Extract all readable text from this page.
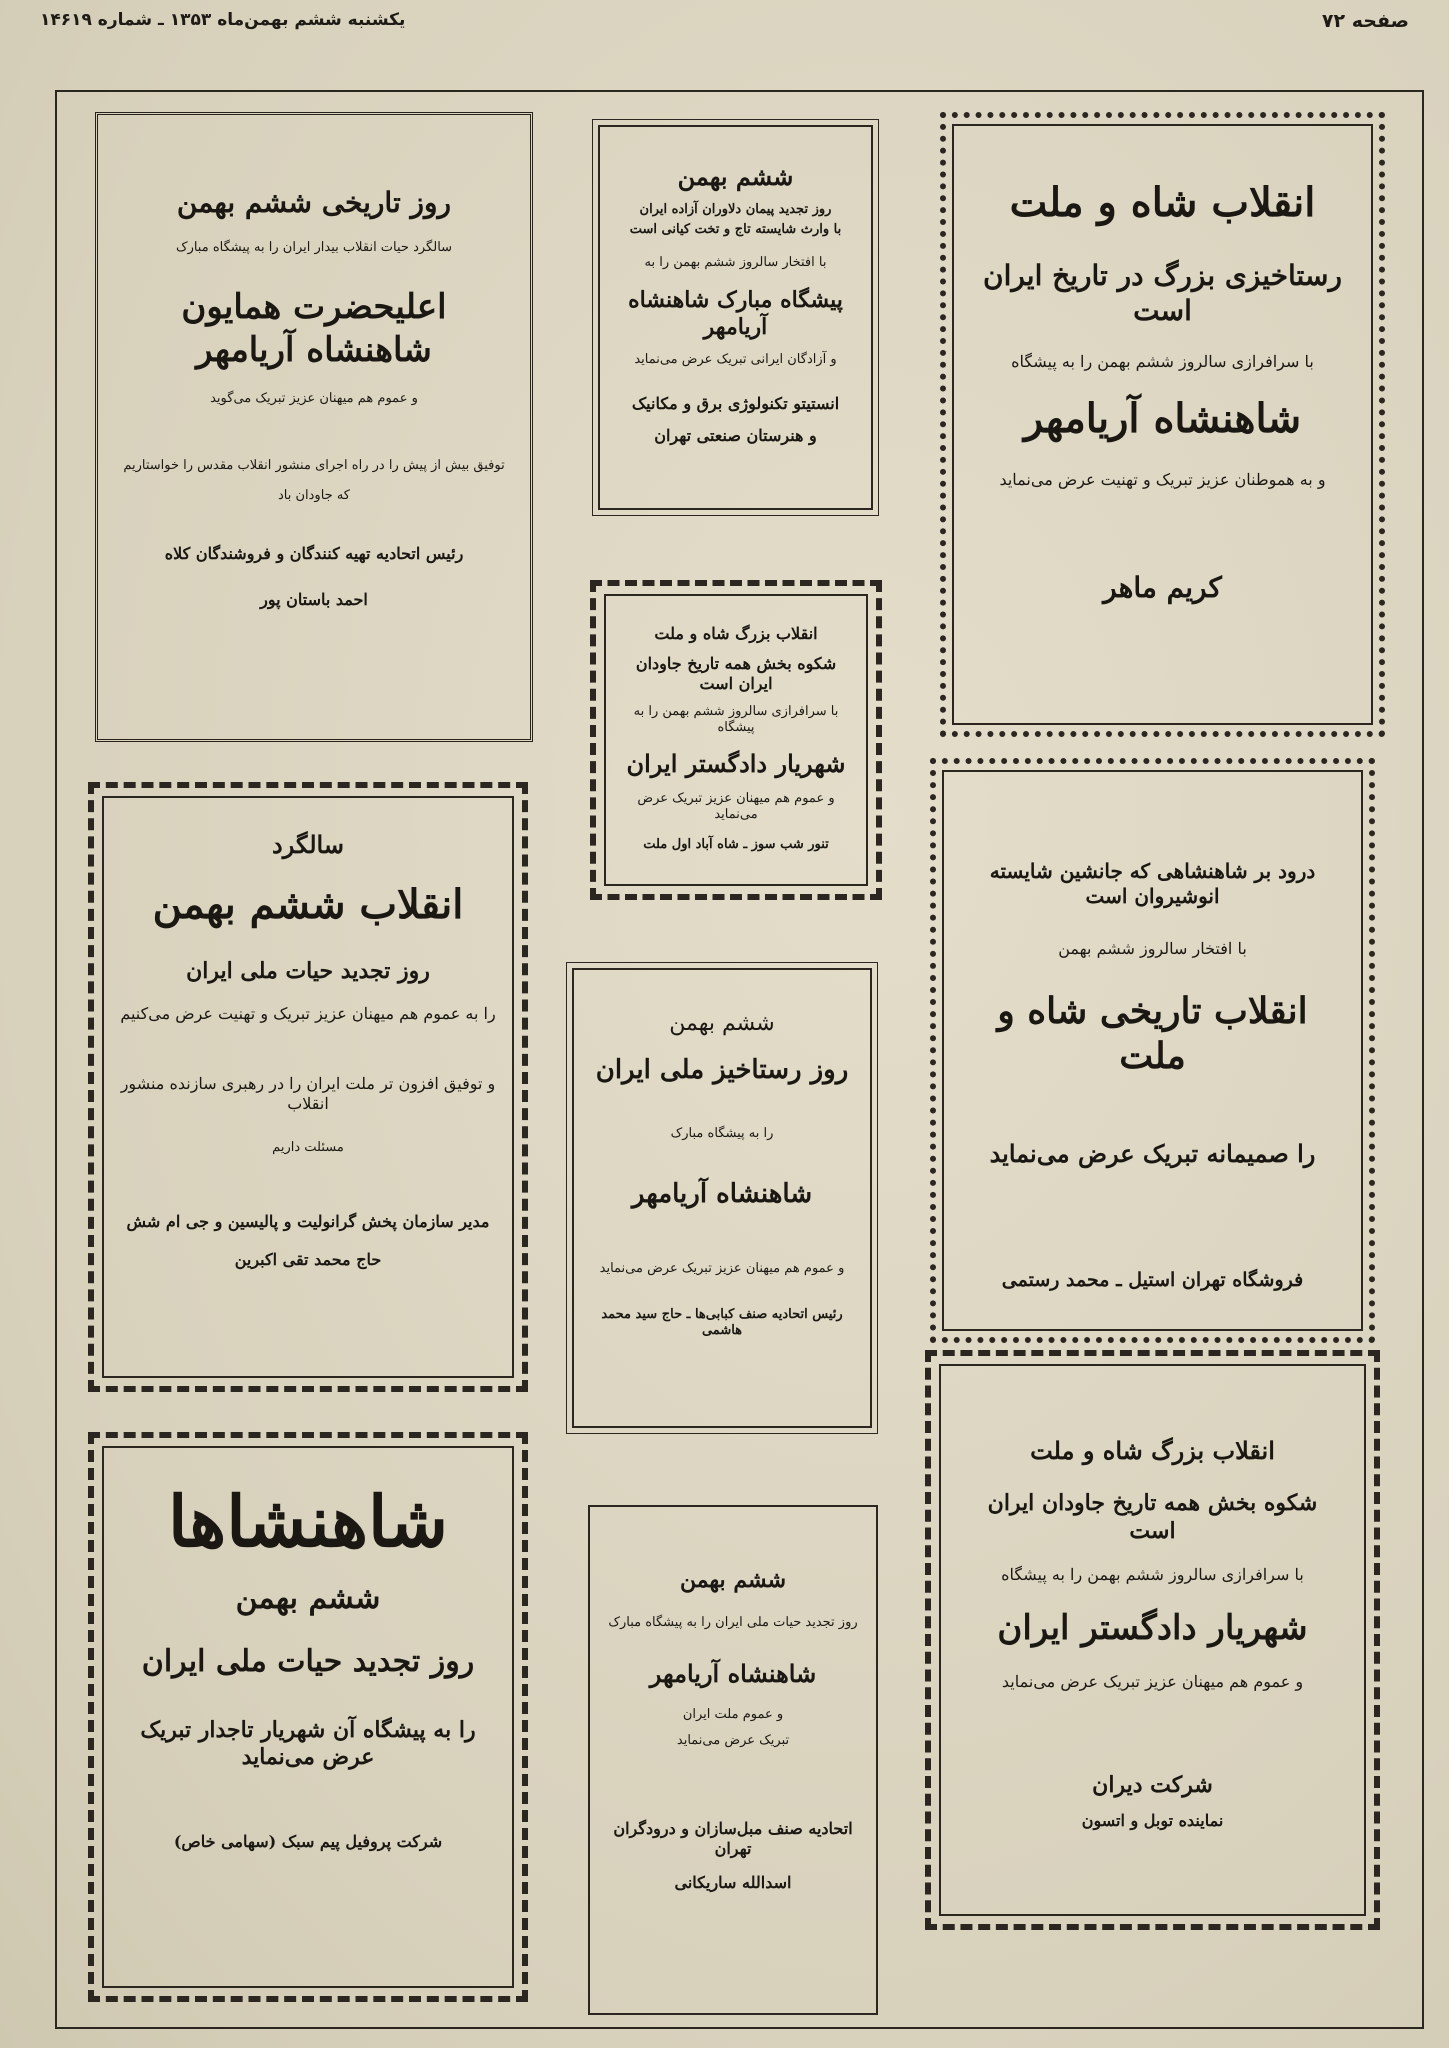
صفحه ۷۲
یکشنبه ششم بهمن‌ماه ۱۳۵۳ ـ شماره ۱۴۶۱۹
انقلاب شاه و ملت
رستاخیزی بزرگ در تاریخ ایران است
با سرافرازی سالروز ششم بهمن را به پیشگاه
شاهنشاه آریامهر
و به هموطنان عزیز تبریک و تهنیت عرض می‌نماید
کریم ماهر
ششم بهمن
روز تجدید پیمان دلاوران آزاده ایران
با وارث شایسته تاج و تخت کیانی است
با افتخار سالروز ششم بهمن را به
پیشگاه مبارک شاهنشاه آریامهر
و آزادگان ایرانی تبریک عرض می‌نماید
انستیتو تکنولوژی برق و مکانیک
و هنرستان صنعتی تهران
روز تاریخی ششم بهمن
سالگرد حیات انقلاب بیدار ایران را به پیشگاه مبارک
اعلیحضرت همایون شاهنشاه آریامهر
و عموم هم میهنان عزیز تبریک می‌گوید
توفیق بیش از پیش را در راه اجرای منشور انقلاب مقدس را خواستاریم
که جاودان باد
رئیس اتحادیه تهیه کنندگان و فروشندگان کلاه
احمد باستان پور
انقلاب بزرگ شاه و ملت
شکوه بخش همه تاریخ جاودان ایران است
با سرافرازی سالروز ششم بهمن را به پیشگاه
شهریار دادگستر ایران
و عموم هم میهنان عزیز تبریک عرض می‌نماید
تنور شب سوز ـ شاه آباد اول ملت
درود بر شاهنشاهی که جانشین شایسته انوشیروان است
با افتخار سالروز ششم بهمن
انقلاب تاریخی شاه و ملت
را صمیمانه تبریک عرض می‌نماید
فروشگاه تهران استیل ـ محمد رستمی
سالگرد
انقلاب ششم بهمن
روز تجدید حیات ملی ایران
را به عموم هم میهنان عزیز تبریک و تهنیت عرض می‌کنیم
و توفیق افزون تر ملت ایران را در رهبری سازنده منشور انقلاب
مسئلت داریم
مدیر سازمان پخش گرانولیت و پالیسین و جی ام شش
حاج محمد تقی اکبرین
ششم بهمن
روز رستاخیز ملی ایران
را به پیشگاه مبارک
شاهنشاه آریامهر
و عموم هم میهنان عزیز تبریک عرض می‌نماید
رئیس اتحادیه صنف کبابی‌ها ـ حاج سید محمد هاشمی
شاهنشاها
ششم بهمن
روز تجدید حیات ملی ایران
را به پیشگاه آن شهریار تاجدار تبریک عرض می‌نماید
شرکت پروفیل پیم سبک (سهامی خاص)
ششم بهمن
روز تجدید حیات ملی ایران را به پیشگاه مبارک
شاهنشاه آریامهر
و عموم ملت ایران
تبریک عرض می‌نماید
اتحادیه صنف مبل‌سازان و درودگران تهران
اسدالله ساریکانی
انقلاب بزرگ شاه و ملت
شکوه بخش همه تاریخ جاودان ایران است
با سرافرازی سالروز ششم بهمن را به پیشگاه
شهریار دادگستر ایران
و عموم هم میهنان عزیز تبریک عرض می‌نماید
شرکت دیران
نماینده توبل و اتسون
